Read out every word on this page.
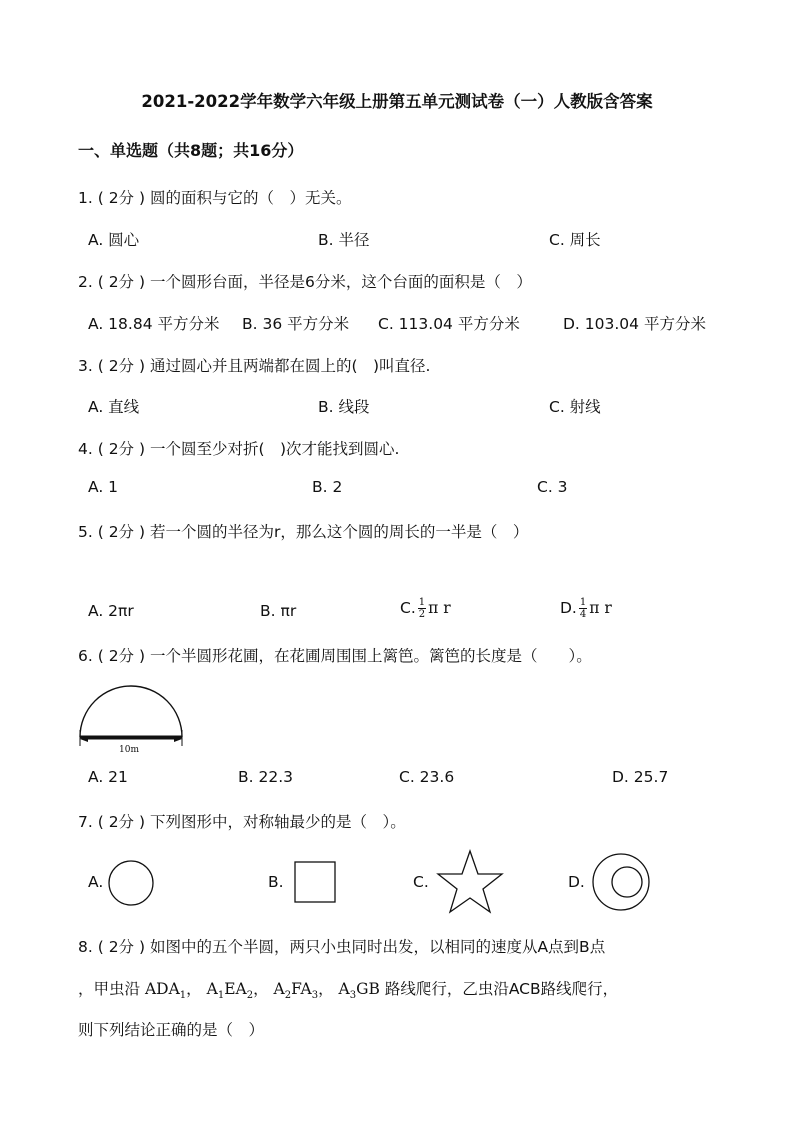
2021-2022学年数学六年级上册第五单元测试卷（一）人教版含答案
一、单选题（共8题；共16分）
1. ( 2分 ) 圆的面积与它的（　）无关。
A. 圆心	B. 半径	C. 周长
2. ( 2分 ) 一个圆形台面，半径是6分米，这个台面的面积是（　）
A. 18.84 平方分米 B. 36 平方分米 C. 113.04 平方分米	D. 103.04 平方分米
3. ( 2分 ) 通过圆心并且两端都在圆上的(　)叫直径.
A. 直线	B. 线段	C. 射线
4. ( 2分 ) 一个圆至少对折(　)次才能找到圆心.
A. 1	B. 2	C. 3
5. ( 2分 ) 若一个圆的半径为r，那么这个圆的周长的一半是（　）
A. 2πr	B. πr	C. $\frac{1}{2}$ π r	D. $\frac{1}{4}$ π r
6. ( 2分 ) 一个半圆形花圃，在花圃周围围上篱笆。篱笆的长度是（　　）。
10m
A. 21	B. 22.3	C. 23.6	D. 25.7
7. ( 2分 ) 下列图形中，对称轴最少的是（　）。
A.	B.	C.	D.
8. ( 2分 ) 如图中的五个半圆，两只小虫同时出发，以相同的速度从A点到B点
，甲虫沿 $ADA_1$， $A_1EA_2$， $A_2FA_3$， $A_3GB$ 路线爬行，乙虫沿ACB路线爬行，
则下列结论正确的是（　）
